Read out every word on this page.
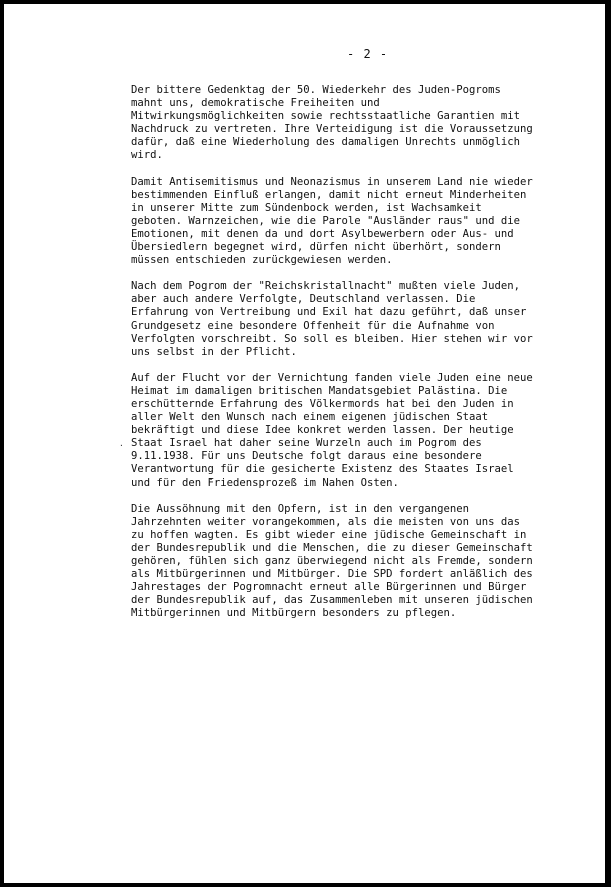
- 2 -
.
Der bittere Gedenktag der 50. Wiederkehr des Juden-Pogroms
mahnt uns, demokratische Freiheiten und
Mitwirkungsmöglichkeiten sowie rechtsstaatliche Garantien mit
Nachdruck zu vertreten. Ihre Verteidigung ist die Voraussetzung
dafür, daß eine Wiederholung des damaligen Unrechts unmöglich
wird.
Damit Antisemitismus und Neonazismus in unserem Land nie wieder
bestimmenden Einfluß erlangen, damit nicht erneut Minderheiten
in unserer Mitte zum Sündenbock werden, ist Wachsamkeit
geboten. Warnzeichen, wie die Parole "Ausländer raus" und die
Emotionen, mit denen da und dort Asylbewerbern oder Aus- und
Übersiedlern begegnet wird, dürfen nicht überhört, sondern
müssen entschieden zurückgewiesen werden.
Nach dem Pogrom der "Reichskristallnacht" mußten viele Juden,
aber auch andere Verfolgte, Deutschland verlassen. Die
Erfahrung von Vertreibung und Exil hat dazu geführt, daß unser
Grundgesetz eine besondere Offenheit für die Aufnahme von
Verfolgten vorschreibt. So soll es bleiben. Hier stehen wir vor
uns selbst in der Pflicht.
Auf der Flucht vor der Vernichtung fanden viele Juden eine neue
Heimat im damaligen britischen Mandatsgebiet Palästina. Die
erschütternde Erfahrung des Völkermords hat bei den Juden in
aller Welt den Wunsch nach einem eigenen jüdischen Staat
bekräftigt und diese Idee konkret werden lassen. Der heutige
Staat Israel hat daher seine Wurzeln auch im Pogrom des
9.11.1938. Für uns Deutsche folgt daraus eine besondere
Verantwortung für die gesicherte Existenz des Staates Israel
und für den Friedensprozeß im Nahen Osten.
Die Aussöhnung mit den Opfern, ist in den vergangenen
Jahrzehnten weiter vorangekommen, als die meisten von uns das
zu hoffen wagten. Es gibt wieder eine jüdische Gemeinschaft in
der Bundesrepublik und die Menschen, die zu dieser Gemeinschaft
gehören, fühlen sich ganz überwiegend nicht als Fremde, sondern
als Mitbürgerinnen und Mitbürger. Die SPD fordert anläßlich des
Jahrestages der Pogromnacht erneut alle Bürgerinnen und Bürger
der Bundesrepublik auf, das Zusammenleben mit unseren jüdischen
Mitbürgerinnen und Mitbürgern besonders zu pflegen.
